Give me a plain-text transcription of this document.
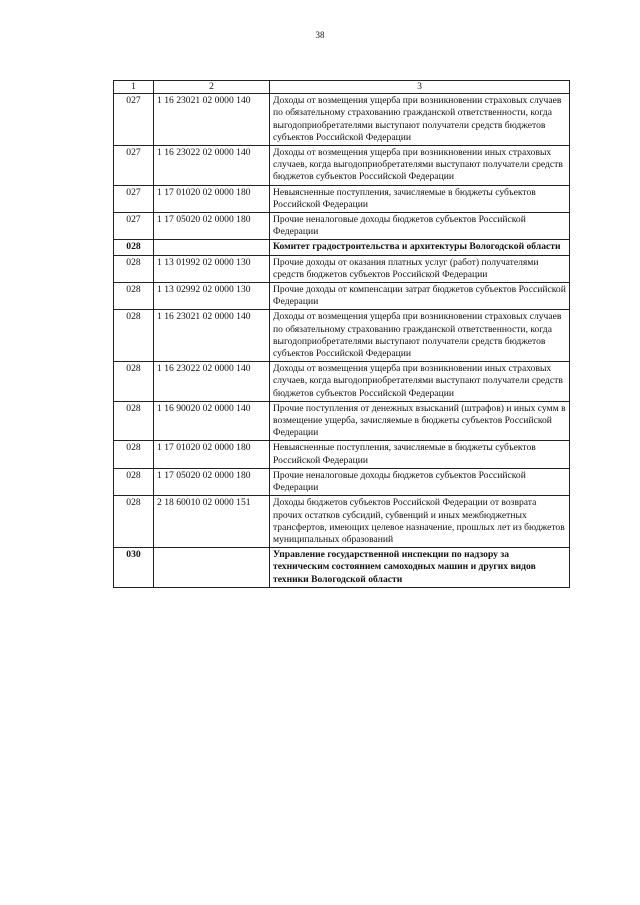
38
1	2	3
027	1 16 23021 02 0000 140	Доходы от возмещения ущерба при возникновении страховых случаев по обязательному страхованию гражданской ответственности, когда выгодоприобретателями выступают получатели средств бюджетов субъектов Российской Федерации
027	1 16 23022 02 0000 140	Доходы от возмещения ущерба при возникновении иных страховых случаев, когда выгодоприобретателями выступают получатели средств бюджетов субъектов Российской Федерации
027	1 17 01020 02 0000 180	Невыясненные поступления, зачисляемые в бюджеты субъектов Российской Федерации
027	1 17 05020 02 0000 180	Прочие неналоговые доходы бюджетов субъектов Российской Федерации
028		Комитет градостроительства и архитектуры Вологодской области
028	1 13 01992 02 0000 130	Прочие доходы от оказания платных услуг (работ) получателями средств бюджетов субъектов Российской Федерации
028	1 13 02992 02 0000 130	Прочие доходы от компенсации затрат бюджетов субъектов Российской Федерации
028	1 16 23021 02 0000 140	Доходы от возмещения ущерба при возникновении страховых случаев по обязательному страхованию гражданской ответственности, когда выгодоприобретателями выступают получатели средств бюджетов субъектов Российской Федерации
028	1 16 23022 02 0000 140	Доходы от возмещения ущерба при возникновении иных страховых случаев, когда выгодоприобретателями выступают получатели средств бюджетов субъектов Российской Федерации
028	1 16 90020 02 0000 140	Прочие поступления от денежных взысканий (штрафов) и иных сумм в возмещение ущерба, зачисляемые в бюджеты субъектов Российской Федерации
028	1 17 01020 02 0000 180	Невыясненные поступления, зачисляемые в бюджеты субъектов Российской Федерации
028	1 17 05020 02 0000 180	Прочие неналоговые доходы бюджетов субъектов Российской Федерации
028	2 18 60010 02 0000 151	Доходы бюджетов субъектов Российской Федерации от возврата прочих остатков субсидий, субвенций и иных межбюджетных трансфертов, имеющих целевое назначение, прошлых лет из бюджетов муниципальных образований
030		Управление государственной инспекции по надзору за техническим состоянием самоходных машин и других видов техники Вологодской области
